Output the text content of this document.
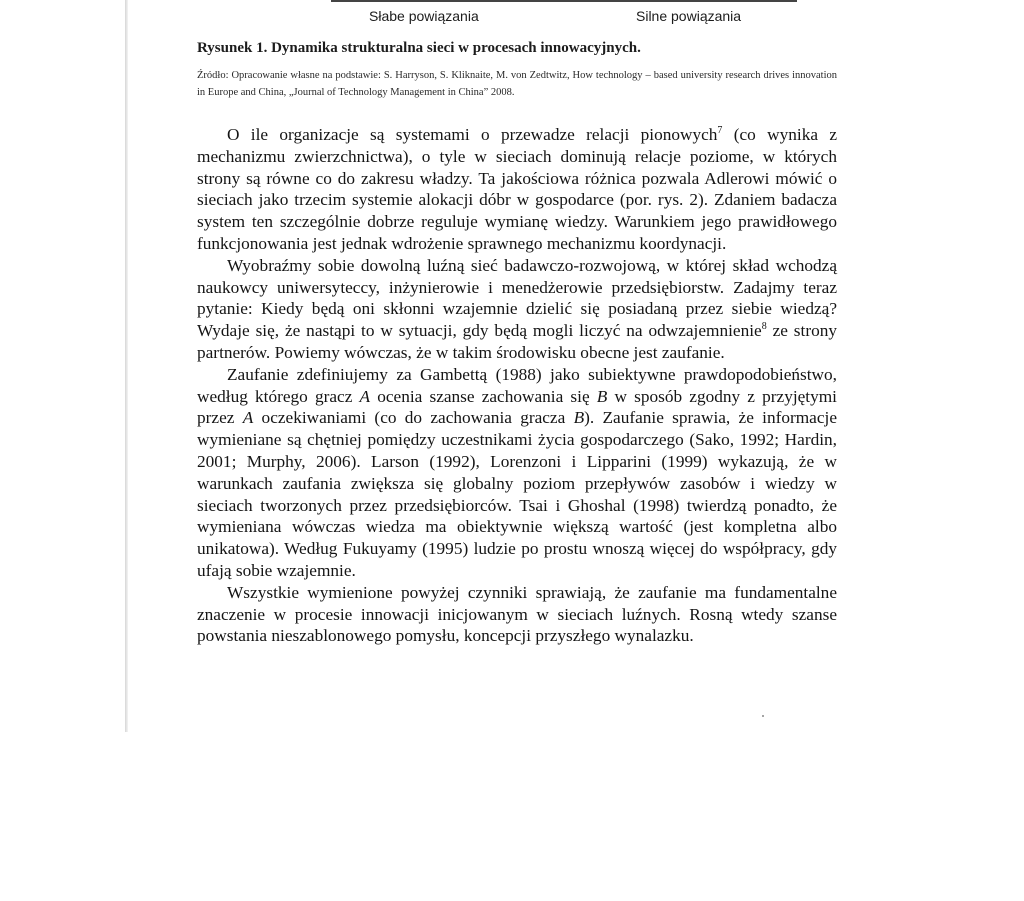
Słabe powiązania	Silne powiązania
Rysunek 1. Dynamika strukturalna sieci w procesach innowacyjnych.
Źródło: Opracowanie własne na podstawie: S. Harryson, S. Kliknaite, M. von Zedtwitz, How technology – based university research drives innovation in Europe and China, „Journal of Technology Management in China” 2008.

O ile organizacje są systemami o przewadze relacji pionowych$^7$ (co wynika z mechanizmu zwierzchnictwa), o tyle w sieciach dominują relacje poziome, w których strony są równe co do zakresu władzy. Ta jakościowa różnica pozwala Adlerowi mówić o sieciach jako trzecim systemie alokacji dóbr w gospodarce (por. rys. 2). Zdaniem badacza system ten szczególnie dobrze reguluje wymianę wiedzy. Warunkiem jego prawidłowego funkcjonowania jest jednak wdrożenie sprawnego mechanizmu koordynacji.

Wyobraźmy sobie dowolną luźną sieć badawczo-rozwojową, w której skład wchodzą naukowcy uniwersyteccy, inżynierowie i menedżerowie przedsiębiorstw. Zadajmy teraz pytanie: Kiedy będą oni skłonni wzajemnie dzielić się posiadaną przez siebie wiedzą? Wydaje się, że nastąpi to w sytuacji, gdy będą mogli liczyć na odwzajemnienie$^8$ ze strony partnerów. Powiemy wówczas, że w takim środowisku obecne jest zaufanie.

Zaufanie zdefiniujemy za Gambettą (1988) jako subiektywne prawdopodobieństwo, według którego gracz A ocenia szanse zachowania się B w sposób zgodny z przyjętymi przez A oczekiwaniami (co do zachowania gracza B). Zaufanie sprawia, że informacje wymieniane są chętniej pomiędzy uczestnikami życia gospodarczego (Sako, 1992; Hardin, 2001; Murphy, 2006). Larson (1992), Lorenzoni i Lipparini (1999) wykazują, że w warunkach zaufania zwiększa się globalny poziom przepływów zasobów i wiedzy w sieciach tworzonych przez przedsiębiorców. Tsai i Ghoshal (1998) twierdzą ponadto, że wymieniana wówczas wiedza ma obiektywnie większą wartość (jest kompletna albo unikatowa). Według Fukuyamy (1995) ludzie po prostu wnoszą więcej do współpracy, gdy ufają sobie wzajemnie.

Wszystkie wymienione powyżej czynniki sprawiają, że zaufanie ma fundamentalne znaczenie w procesie innowacji inicjowanym w sieciach luźnych. Rosną wtedy szanse powstania nieszablonowego pomysłu, koncepcji przyszłego wynalazku.
